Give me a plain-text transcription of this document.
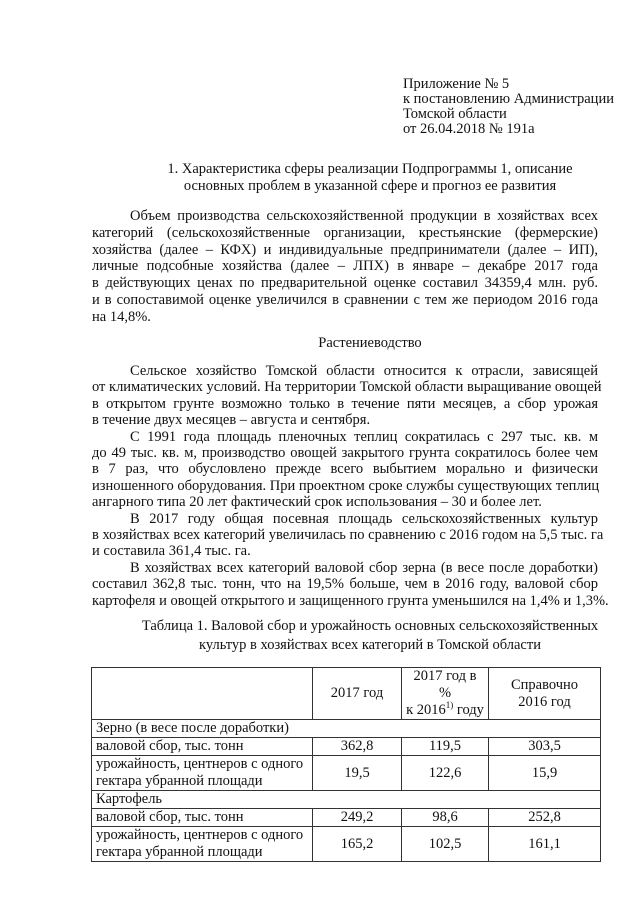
Приложение № 5
к постановлению Администрации
Томской области
от 26.04.2018 № 191а
1. Характеристика сферы реализации Подпрограммы 1, описание
основных проблем в указанной сфере и прогноз ее развития
Объем производства сельскохозяйственной продукции в хозяйствах всех
категорий (сельскохозяйственные организации, крестьянские (фермерские)
хозяйства (далее – КФХ) и индивидуальные предприниматели (далее – ИП),
личные подсобные хозяйства (далее – ЛПХ) в январе – декабре 2017 года
в действующих ценах по предварительной оценке составил 34359,4 млн. руб.
и в сопоставимой оценке увеличился в сравнении с тем же периодом 2016 года
на 14,8%.
Растениеводство
Сельское хозяйство Томской области относится к отрасли, зависящей
от климатических условий. На территории Томской области выращивание овощей
в открытом грунте возможно только в течение пяти месяцев, а сбор урожая
в течение двух месяцев – августа и сентября.
С 1991 года площадь пленочных теплиц сократилась с 297 тыс. кв. м
до 49 тыс. кв. м, производство овощей закрытого грунта сократилось более чем
в 7 раз, что обусловлено прежде всего выбытием морально и физически
изношенного оборудования. При проектном сроке службы существующих теплиц
ангарного типа 20 лет фактический срок использования – 30 и более лет.
В 2017 году общая посевная площадь сельскохозяйственных культур
в хозяйствах всех категорий увеличилась по сравнению с 2016 годом на 5,5 тыс. га
и составила 361,4 тыс. га.
В хозяйствах всех категорий валовой сбор зерна (в весе после доработки)
составил 362,8 тыс. тонн, что на 19,5% больше, чем в 2016 году, валовой сбор
картофеля и овощей открытого и защищенного грунта уменьшился на 1,4% и 1,3%.
Таблица 1. Валовой сбор и урожайность основных сельскохозяйственных
культур в хозяйствах всех категорий в Томской области
	2017 год	2017 год в %
к 2016$^{1)}$ году	Справочно
2016 год
Зерно (в весе после доработки)			
валовой сбор, тыс. тонн	362,8	119,5	303,5
урожайность, центнеров с одного гектара убранной площади	19,5	122,6	15,9
Картофель			
валовой сбор, тыс. тонн	249,2	98,6	252,8
урожайность, центнеров с одного гектара убранной площади	165,2	102,5	161,1
